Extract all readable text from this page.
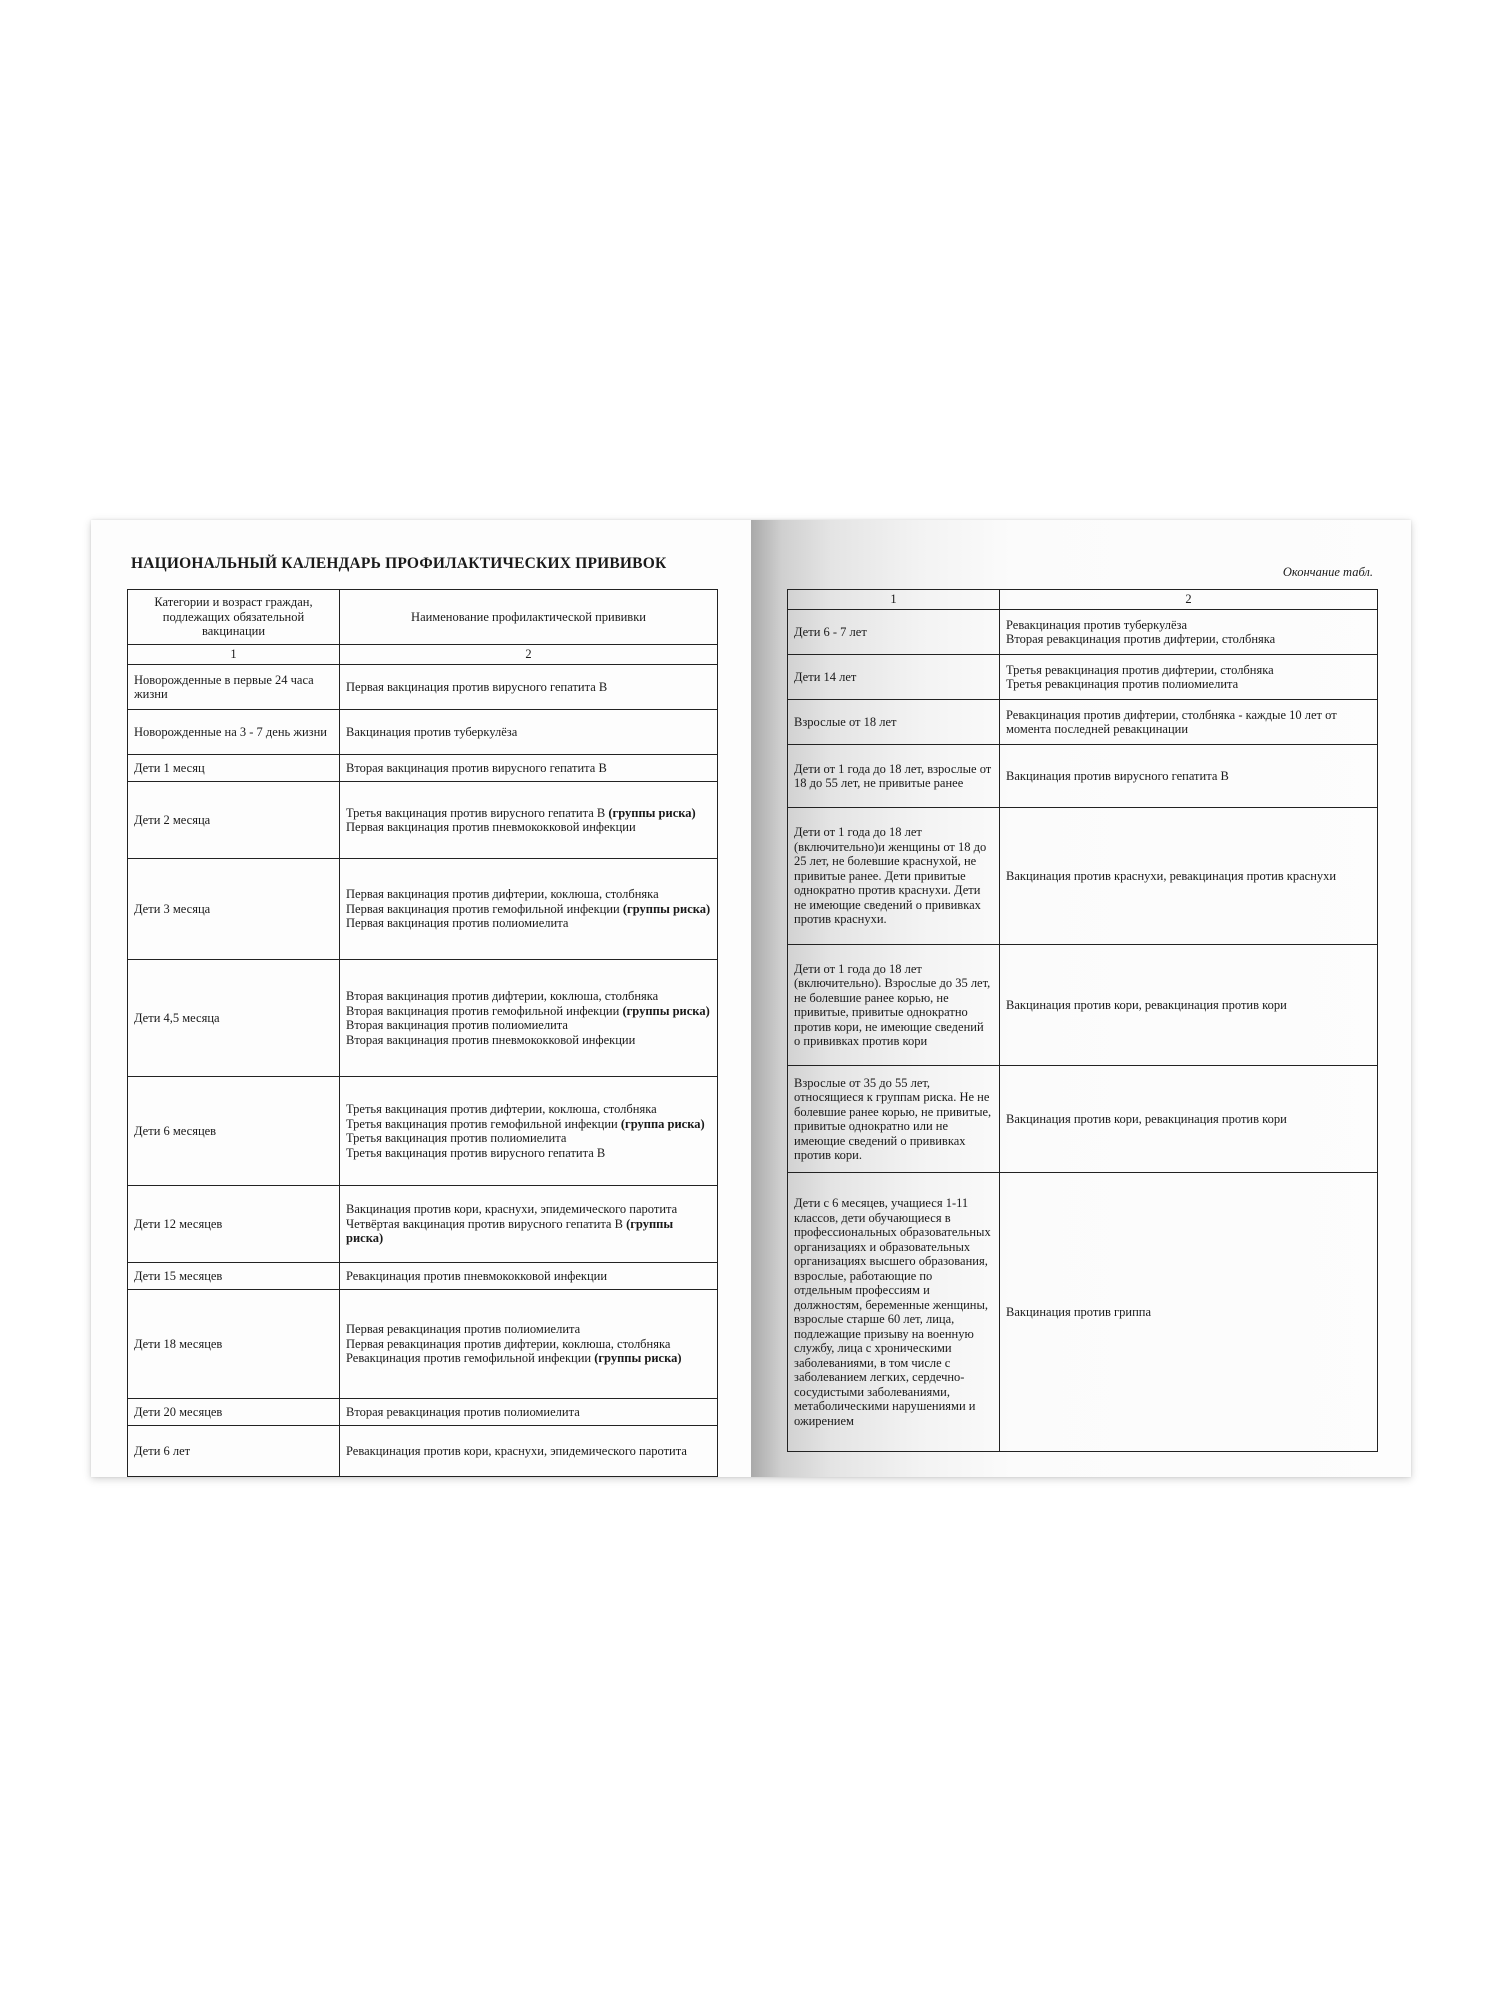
НАЦИОНАЛЬНЫЙ КАЛЕНДАРЬ ПРОФИЛАКТИЧЕСКИХ ПРИВИВОК
Категории и возраст граждан, подлежащих обязательной вакцинации	Наименование профилактической прививки
1	2
Новорожденные в первые 24 часа жизни	Первая вакцинация против вирусного гепатита В

Новорожденные на 3 - 7 день жизни	Вакцинация против туберкулёза

Дети 1 месяц	Вторая вакцинация против вирусного гепатита В

Дети 2 месяца	Третья вакцинация против вирусного гепатита В (группы риска)
Первая вакцинация против пневмококковой инфекции

Дети 3 месяца	Первая вакцинация против дифтерии, коклюша, столбняка
Первая вакцинация против гемофильной инфекции (группы риска)
Первая вакцинация против полиомиелита

Дети 4,5 месяца	Вторая вакцинация против дифтерии, коклюша, столбняка
Вторая вакцинация против гемофильной инфекции (группы риска)
Вторая вакцинация против полиомиелита
Вторая вакцинация против пневмококковой инфекции

Дети 6 месяцев	Третья вакцинация против дифтерии, коклюша, столбняка
Третья вакцинация против гемофильной инфекции (группа риска)
Третья вакцинация против полиомиелита
Третья вакцинация против вирусного гепатита В

Дети 12 месяцев	Вакцинация против кори, краснухи, эпидемического паротита
Четвёртая вакцинация против вирусного гепатита В (группы риска)

Дети 15 месяцев	Ревакцинация против пневмококковой инфекции

Дети 18 месяцев	Первая ревакцинация против полиомиелита
Первая ревакцинация против дифтерии, коклюша, столбняка
Ревакцинация против гемофильной инфекции (группы риска)

Дети 20 месяцев	Вторая ревакцинация против полиомиелита

Дети 6 лет	Ревакцинация против кори, краснухи, эпидемического паротита
Окончание табл.
1	2
Дети 6 - 7 лет	Ревакцинация против туберкулёза
Вторая ревакцинация против дифтерии, столбняка

Дети 14 лет	Третья ревакцинация против дифтерии, столбняка
Третья ревакцинация против полиомиелита

Взрослые от 18 лет	Ревакцинация против дифтерии, столбняка - каждые 10 лет от момента последней ревакцинации

Дети от 1 года до 18 лет, взрослые от 18 до 55 лет, не привитые ранее	Вакцинация против вирусного гепатита В

Дети от 1 года до 18 лет (включительно)и женщины от 18 до 25 лет, не болевшие краснухой, не привитые ранее. Дети привитые однократно против краснухи. Дети не имеющие сведений о прививках против краснухи.	Вакцинация против краснухи, ревакцинация против краснухи

Дети от 1 года до 18 лет (включительно). Взрослые до 35 лет, не болевшие ранее корью, не привитые, привитые однократно против кори, не имеющие сведений о прививках против кори	Вакцинация против кори, ревакцинация против кори

Взрослые от 35 до 55 лет, относящиеся к группам риска. Не не болевшие ранее корью, не привитые, привитые однократно или не имеющие сведений о прививках против кори.	Вакцинация против кори, ревакцинация против кори

Дети с 6 месяцев, учащиеся 1-11 классов, дети обучающиеся в профессиональных образовательных организациях и образовательных организациях высшего образования, взрослые, работающие по отдельным профессиям и должностям, беременные женщины, взрослые старше 60 лет, лица, подлежащие призыву на военную службу, лица с хроническими заболеваниями, в том числе с заболеванием легких, сердечно-сосудистыми заболеваниями, метаболическими нарушениями и ожирением	Вакцинация против гриппа
